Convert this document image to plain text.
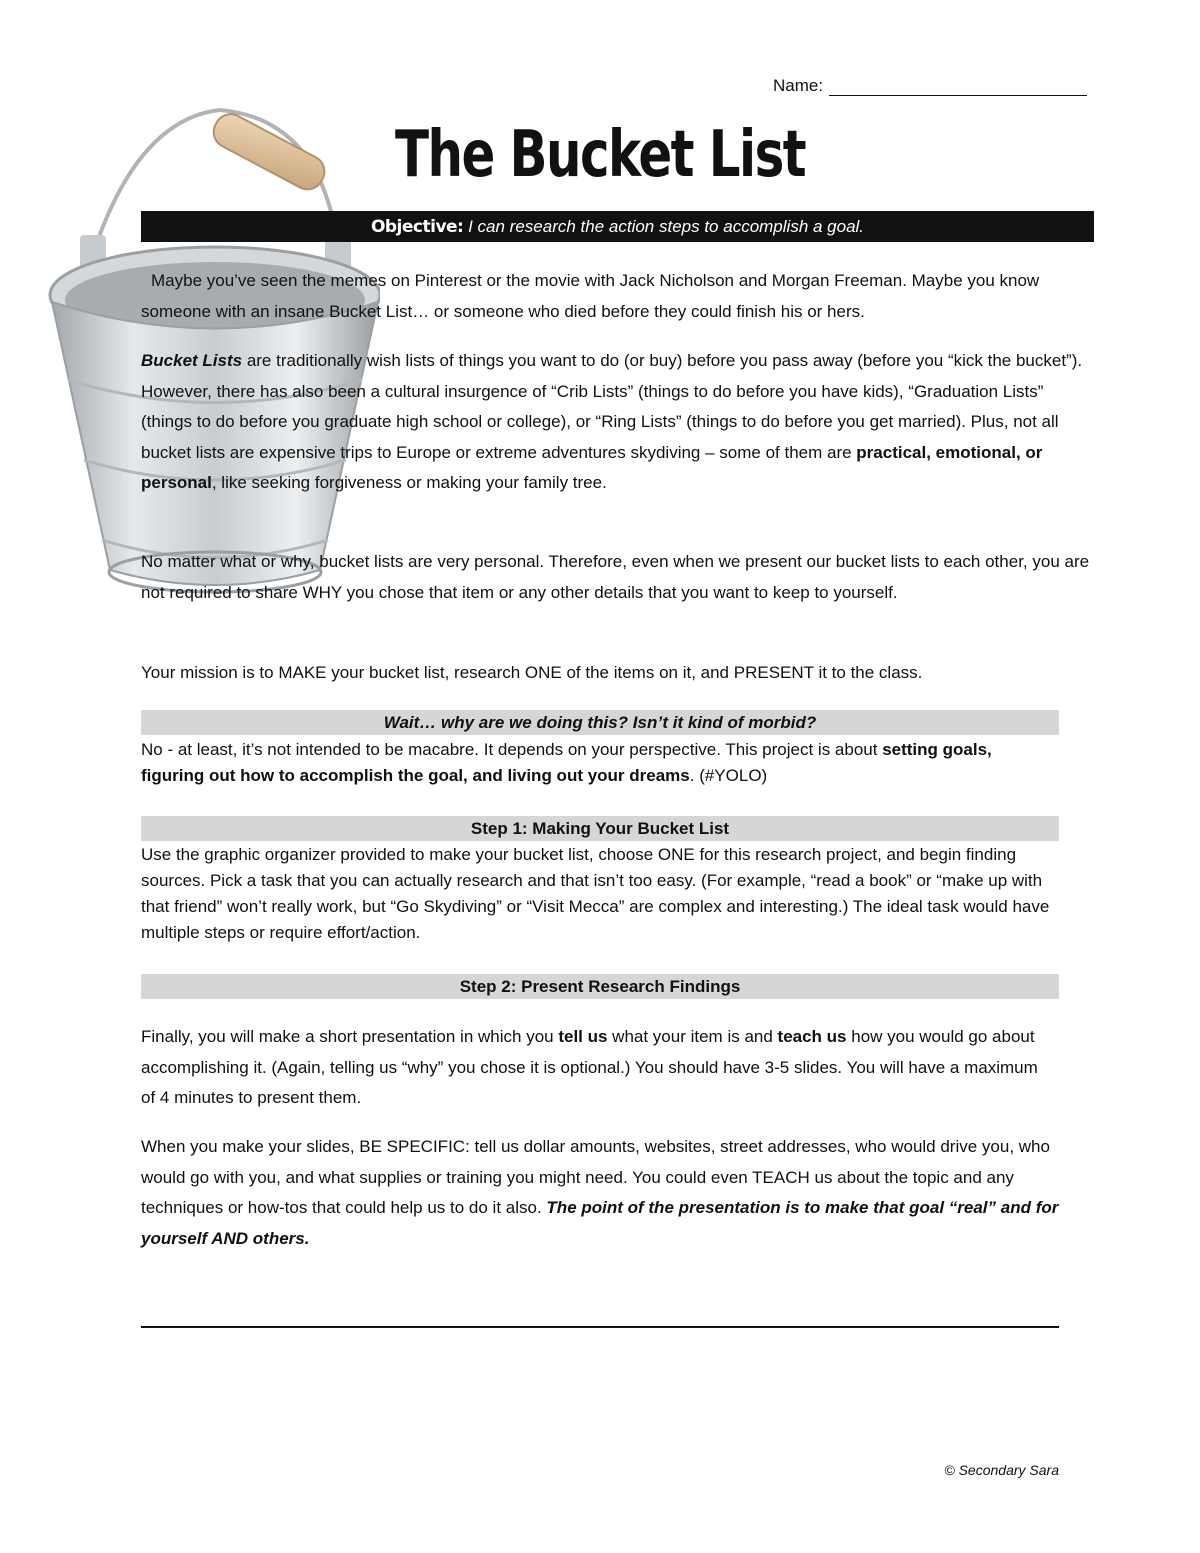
Name:
The Bucket List
Objective: I can research the action steps to accomplish a goal.

Maybe you’ve seen the memes on Pinterest or the movie with Jack Nicholson and Morgan Freeman. Maybe you know someone with an insane Bucket List… or someone who died before they could finish his or hers.

Bucket Lists are traditionally wish lists of things you want to do (or buy) before you pass away (before you “kick the bucket”). However, there has also been a cultural insurgence of “Crib Lists” (things to do before you have kids), “Graduation Lists” (things to do before you graduate high school or college), or “Ring Lists” (things to do before you get married). Plus, not all bucket lists are expensive trips to Europe or extreme adventures skydiving – some of them are practical, emotional, or personal, like seeking forgiveness or making your family tree.

No matter what or why, bucket lists are very personal. Therefore, even when we present our bucket lists to each other, you are not required to share WHY you chose that item or any other details that you want to keep to yourself.

Your mission is to MAKE your bucket list, research ONE of the items on it, and PRESENT it to the class.

Wait… why are we doing this? Isn’t it kind of morbid?

No - at least, it’s not intended to be macabre. It depends on your perspective. This project is about setting goals, figuring out how to accomplish the goal, and living out your dreams. (#YOLO)

Step 1: Making Your Bucket List

Use the graphic organizer provided to make your bucket list, choose ONE for this research project, and begin finding sources. Pick a task that you can actually research and that isn’t too easy. (For example, “read a book” or “make up with that friend” won’t really work, but “Go Skydiving” or “Visit Mecca” are complex and interesting.) The ideal task would have multiple steps or require effort/action.

Step 2: Present Research Findings

Finally, you will make a short presentation in which you tell us what your item is and teach us how you would go about accomplishing it. (Again, telling us “why” you chose it is optional.) You should have 3-5 slides. You will have a maximum of 4 minutes to present them.

When you make your slides, BE SPECIFIC: tell us dollar amounts, websites, street addresses, who would drive you, who would go with you, and what supplies or training you might need. You could even TEACH us about the topic and any techniques or how-tos that could help us to do it also. The point of the presentation is to make that goal “real” and for yourself AND others.

© Secondary Sara
